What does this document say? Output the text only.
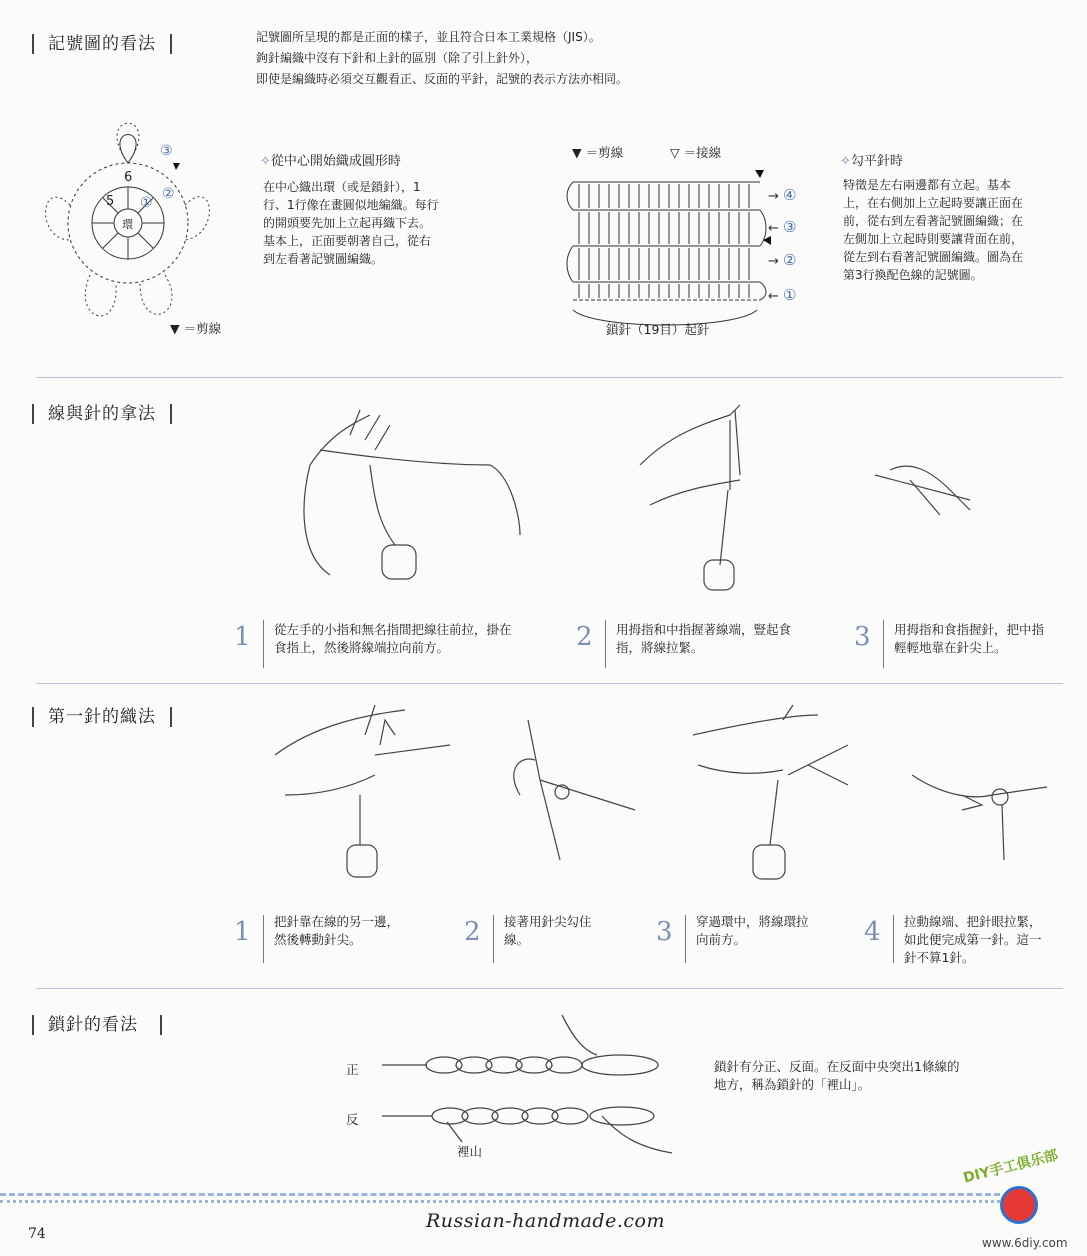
記號圖的看法	記號圖所呈現的都是正面的樣子，並且符合日本工業規格（JIS）。
鉤針編織中沒有下針和上針的區別（除了引上針外），
即使是編織時必須交互觀看正、反面的平針，記號的表示方法亦相同。
環
6
5 ①
②
③
▼ ＝剪線
✧從中心開始織成圓形時
在中心織出環（或是鎖針），1
行、1行像在畫圓似地編織。每行
的開頭要先加上立起再織下去。
基本上，正面要朝著自己，從右
到左看著記號圖編織。
▼ ＝剪線	▽ ＝接線
→ ④
← ③
→ ②
← ①
鎖針（19目）起針
✧勾平針時
特徵是左右兩邊都有立起。基本
上，在右側加上立起時要讓正面在
前，從右到左看著記號圖編織；在
左側加上立起時則要讓背面在前，
從左到右看著記號圖編織。圖為在
第3行換配色線的記號圖。
線與針的拿法
1	從左手的小指和無名指間把線往前拉，掛在
食指上，然後將線端拉向前方。	2	用拇指和中指握著線端，豎起食
指，將線拉緊。	3	用拇指和食指握針，把中指
輕輕地靠在針尖上。
第一針的織法
1	把針靠在線的另一邊，
然後轉動針尖。	2	接著用針尖勾住
線。	3	穿過環中，將線環拉
向前方。	4	拉動線端、把針眼拉緊，
如此便完成第一針。這一
針不算1針。
鎖針的看法
正
反
裡山
鎖針有分正、反面。在反面中央突出1條線的
地方，稱為鎖針的「裡山」。
74
Russian-handmade.com
DIY手工俱乐部
www.6diy.com
